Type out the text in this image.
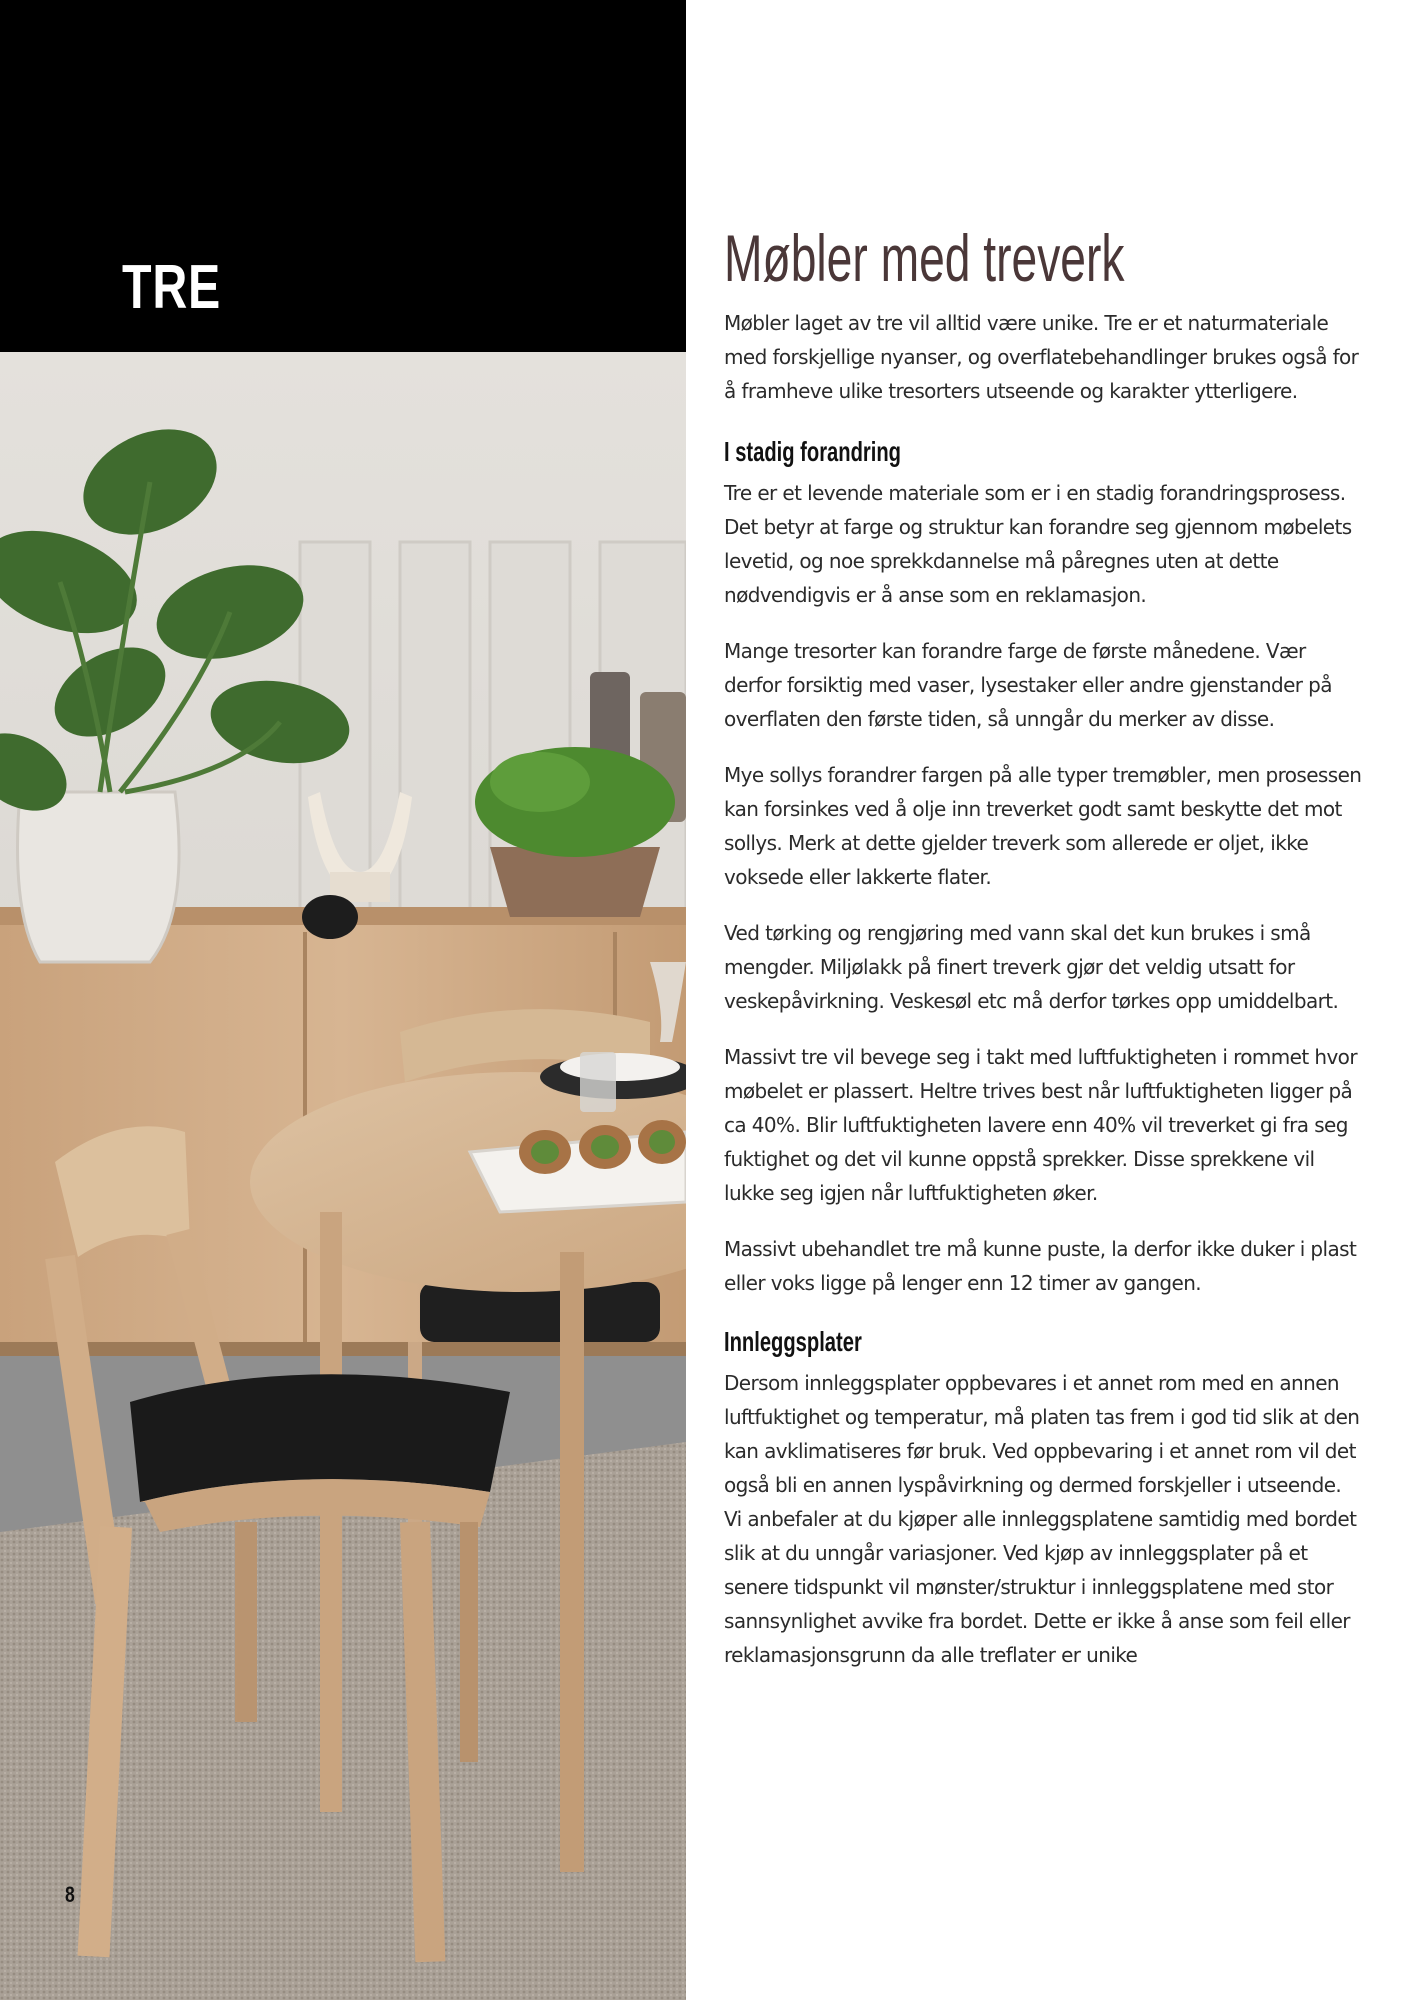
TRE
8
Møbler med treverk

Møbler laget av tre vil alltid være unike. Tre er et naturmateriale med forskjellige nyanser, og overflatebehandlinger brukes også for å framheve ulike tresorters utseende og karakter ytterligere.

I stadig forandring

Tre er et levende materiale som er i en stadig forandringsprosess. Det betyr at farge og struktur kan forandre seg gjennom møbelets levetid, og noe sprekkdannelse må påregnes uten at dette nødvendigvis er å anse som en reklamasjon.

Mange tresorter kan forandre farge de første månedene. Vær derfor forsiktig med vaser, lysestaker eller andre gjenstander på overflaten den første tiden, så unngår du merker av disse.

Mye sollys forandrer fargen på alle typer tremøbler, men prosessen kan forsinkes ved å olje inn treverket godt samt beskytte det mot sollys. Merk at dette gjelder treverk som allerede er oljet, ikke voksede eller lakkerte flater.

Ved tørking og rengjøring med vann skal det kun brukes i små mengder. Miljølakk på finert treverk gjør det veldig utsatt for veskepåvirkning. Veskesøl etc må derfor tørkes opp umiddelbart.

Massivt tre vil bevege seg i takt med luftfuktigheten i rommet hvor møbelet er plassert. Heltre trives best når luftfuktigheten ligger på ca 40%. Blir luftfuktigheten lavere enn 40% vil treverket gi fra seg fuktighet og det vil kunne oppstå sprekker. Disse sprekkene vil lukke seg igjen når luftfuktigheten øker.

Massivt ubehandlet tre må kunne puste, la derfor ikke duker i plast eller voks ligge på lenger enn 12 timer av gangen.

Innleggsplater

Dersom innleggsplater oppbevares i et annet rom med en annen luftfuktighet og temperatur, må platen tas frem i god tid slik at den kan avklimatiseres før bruk. Ved oppbevaring i et annet rom vil det også bli en annen lyspåvirkning og dermed forskjeller i utseende. Vi anbefaler at du kjøper alle innleggsplatene samtidig med bordet slik at du unngår variasjoner. Ved kjøp av innleggsplater på et senere tidspunkt vil mønster/struktur i innleggsplatene med stor sannsynlighet avvike fra bordet. Dette er ikke å anse som feil eller reklamasjonsgrunn da alle treflater er unike
